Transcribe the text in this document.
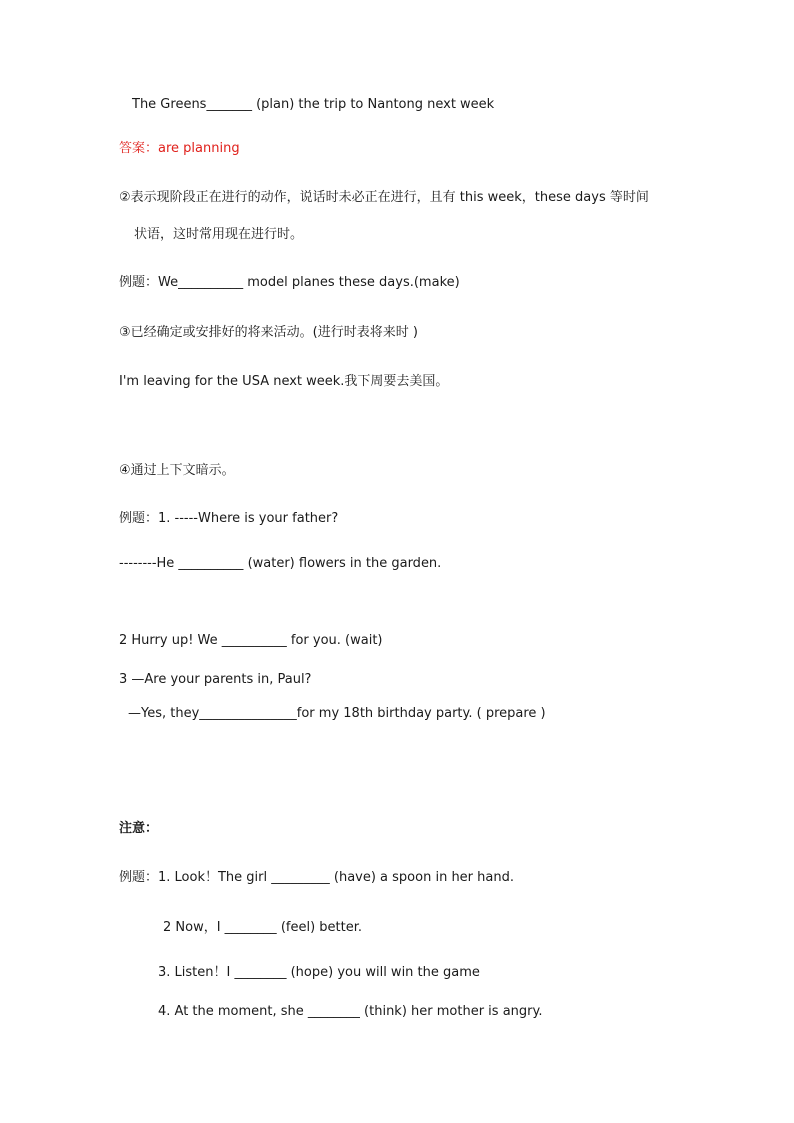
The Greens_______ (plan) the trip to Nantong next week
答案：are planning
②表示现阶段正在进行的动作，说话时未必正在进行，且有 this week，these days 等时间
状语，这时常用现在进行时。
例题：We__________ model planes these days.(make)
③已经确定或安排好的将来活动。(进行时表将来时 )
I'm leaving for the USA next week.我下周要去美国。
④通过上下文暗示。
例题：1. -----Where is your father?
--------He __________ (water) flowers in the garden.
2 Hurry up! We __________ for you. (wait)
3 —Are your parents in, Paul?
—Yes, they_______________for my 18th birthday party. ( prepare )
注意：
例题：1. Look！The girl _________ (have) a spoon in her hand.
2 Now，I ________ (feel) better.
3. Listen！I ________ (hope) you will win the game
4. At the moment, she ________ (think) her mother is angry.
